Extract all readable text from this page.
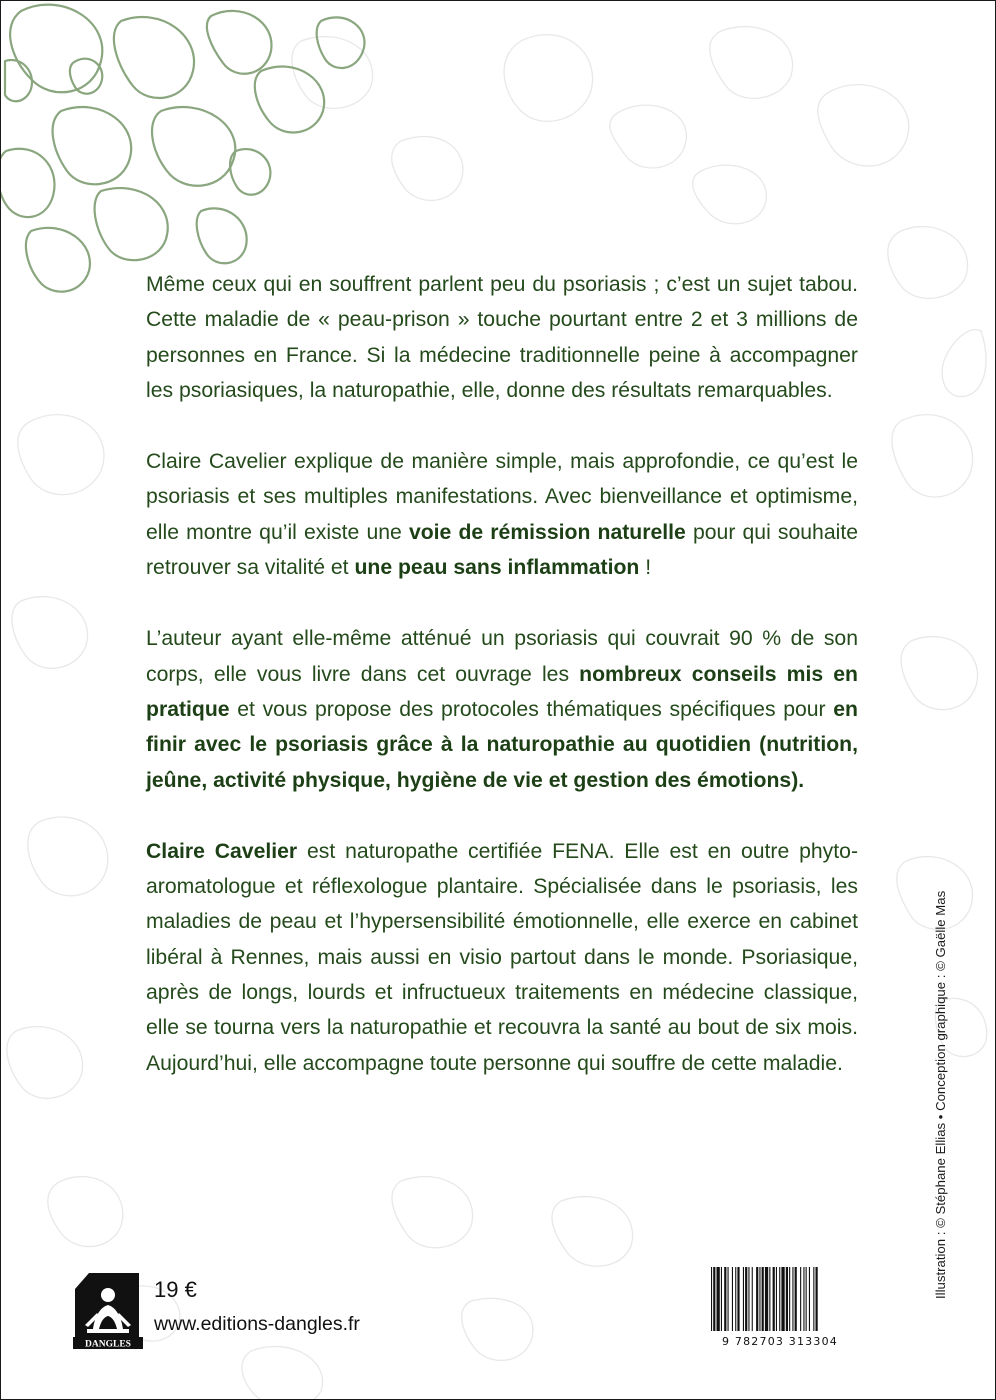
Même ceux qui en souffrent parlent peu du psoriasis ; c’est un sujet tabou. Cette maladie de « peau-prison » touche pourtant entre 2 et 3 millions de personnes en France. Si la médecine traditionnelle peine à accompagner les psoriasiques, la naturopathie, elle, donne des résultats remarquables.

Claire Cavelier explique de manière simple, mais approfondie, ce qu’est le psoriasis et ses multiples manifestations. Avec bienveillance et optimisme, elle montre qu’il existe une voie de rémission naturelle pour qui souhaite retrouver sa vitalité et une peau sans inflammation !

L’auteur ayant elle-même atténué un psoriasis qui couvrait 90 % de son corps, elle vous livre dans cet ouvrage les nombreux conseils mis en pratique et vous propose des protocoles thématiques spécifiques pour en finir avec le psoriasis grâce à la naturopathie au quotidien (nutrition, jeûne, activité physique, hygiène de vie et gestion des émotions).

Claire Cavelier est naturopathe certifiée FENA. Elle est en outre phyto-aromatologue et réflexologue plantaire. Spécialisée dans le psoriasis, les maladies de peau et l’hypersensibilité émotionnelle, elle exerce en cabinet libéral à Rennes, mais aussi en visio partout dans le monde. Psoriasique, après de longs, lourds et infructueux traitements en médecine classique, elle se tourna vers la naturopathie et recouvra la santé au bout de six mois. Aujourd’hui, elle accompagne toute personne qui souffre de cette maladie.	Illustration : © Stéphane Ellias • Conception graphique : © Gaëlle Mas
DANGLES
19 €
www.editions-dangles.fr
9 782703 313304
